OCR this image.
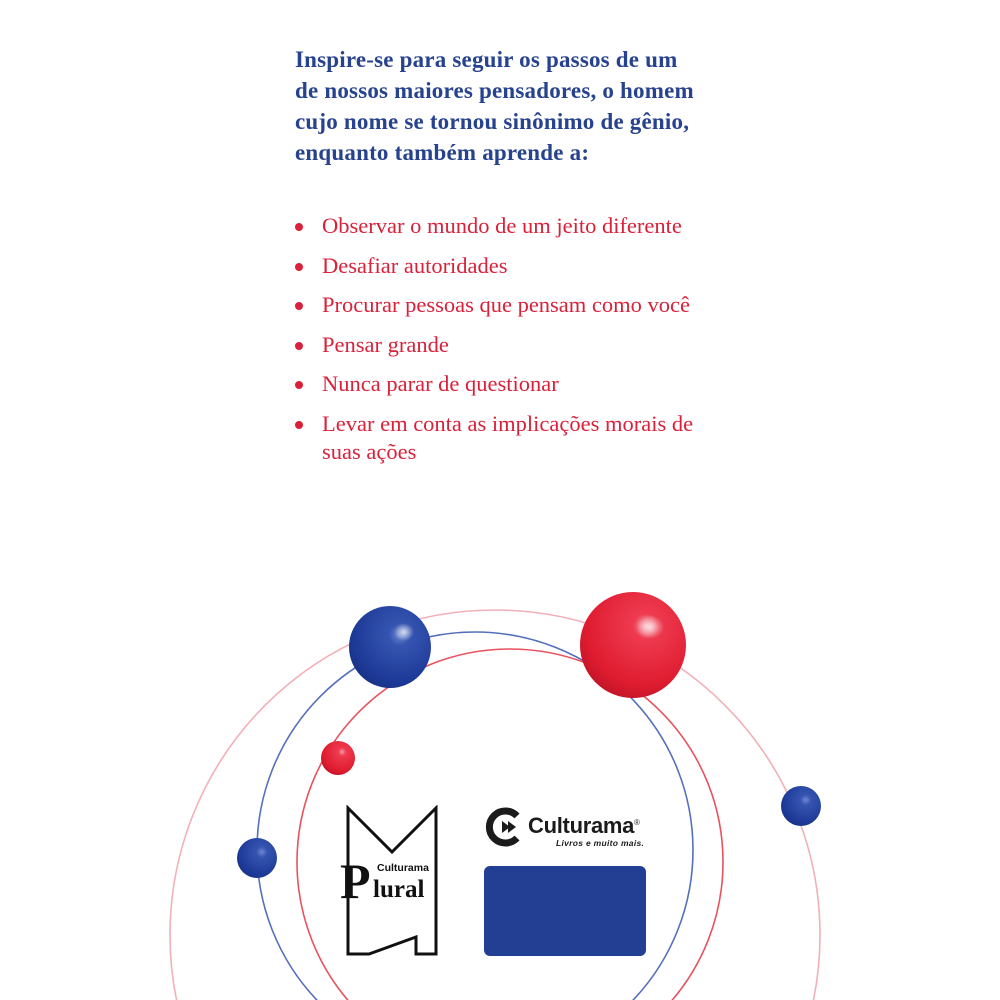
Inspire-se para seguir os passos de um
de nossos maiores pensadores, o homem
cujo nome se tornou sinônimo de gênio,
enquanto também aprende a:

Observar o mundo de um jeito diferente
Desafiar autoridades
Procurar pessoas que pensam como você
Pensar grande
Nunca parar de questionar
Levar em conta as implicações morais de suas ações
Culturama
P lural
Culturama ®
Livros e muito mais.
